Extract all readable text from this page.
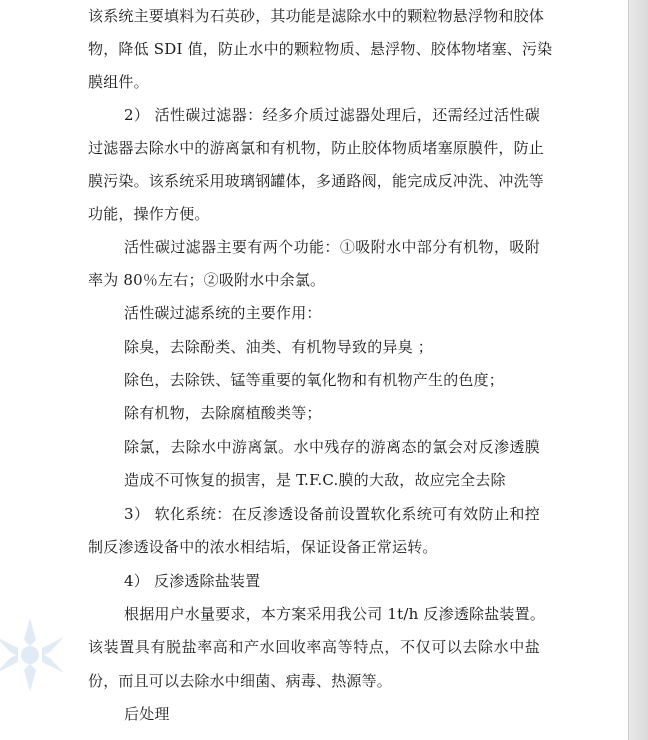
该系统主要填料为石英砂，其功能是滤除水中的颗粒物悬浮物和胶体
物，降低 SDI 值，防止水中的颗粒物质、悬浮物、胶体物堵塞、污染
膜组件。
2） 活性碳过滤器：经多介质过滤器处理后，还需经过活性碳
过滤器去除水中的游离氯和有机物，防止胶体物质堵塞原膜件，防止
膜污染。该系统采用玻璃钢罐体，多通路阀，能完成反冲洗、冲洗等
功能，操作方便。
活性碳过滤器主要有两个功能：①吸附水中部分有机物，吸附
率为 80％左右；②吸附水中余氯。
活性碳过滤系统的主要作用：
除臭，去除酚类、油类、有机物导致的异臭 ；
除色，去除铁、锰等重要的氧化物和有机物产生的色度；
除有机物，去除腐植酸类等；
除氯，去除水中游离氯。水中残存的游离态的氯会对反渗透膜
造成不可恢复的损害，是 T.F.C.膜的大敌，故应完全去除
3） 软化系统：在反渗透设备前设置软化系统可有效防止和控
制反渗透设备中的浓水相结垢，保证设备正常运转。
4） 反渗透除盐装置
根据用户水量要求，本方案采用我公司 1t/h 反渗透除盐装置。
该装置具有脱盐率高和产水回收率高等特点，不仅可以去除水中盐
份，而且可以去除水中细菌、病毒、热源等。
后处理
